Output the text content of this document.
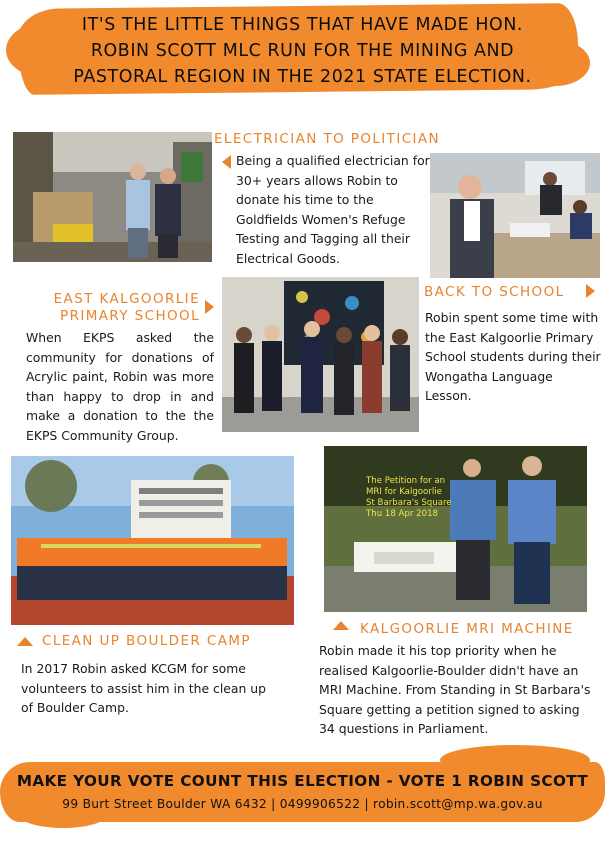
IT'S THE LITTLE THINGS THAT HAVE MADE HON.
ROBIN SCOTT MLC RUN FOR THE MINING AND
PASTORAL REGION IN THE 2021 STATE ELECTION.
ELECTRICIAN TO POLITICIAN
Being a qualified electrician for 30+ years allows Robin to donate his time to the Goldfields Women's Refuge Testing and Tagging all their Electrical Goods.
EAST KALGOORLIE
PRIMARY SCHOOL
When EKPS asked the community for donations of Acrylic paint, Robin was more than happy to drop in and make a donation to the the EKPS Community Group.
BACK TO SCHOOL
Robin spent some time with the East Kalgoorlie Primary School students during their Wongatha Language Lesson.
The Petition for an
MRI for Kalgoorlie
St Barbara's Square
Thu 18 Apr 2018
CLEAN UP BOULDER CAMP
In 2017 Robin asked KCGM for some volunteers to assist him in the clean up of Boulder Camp.
KALGOORLIE MRI MACHINE
Robin made it his top priority when he realised Kalgoorlie-Boulder didn't have an MRI Machine. From Standing in St Barbara's Square getting a petition signed to asking 34 questions in Parliament.
MAKE YOUR VOTE COUNT THIS ELECTION - VOTE 1 ROBIN SCOTT
99 Burt Street Boulder WA 6432 | 0499906522 | robin.scott@mp.wa.gov.au
